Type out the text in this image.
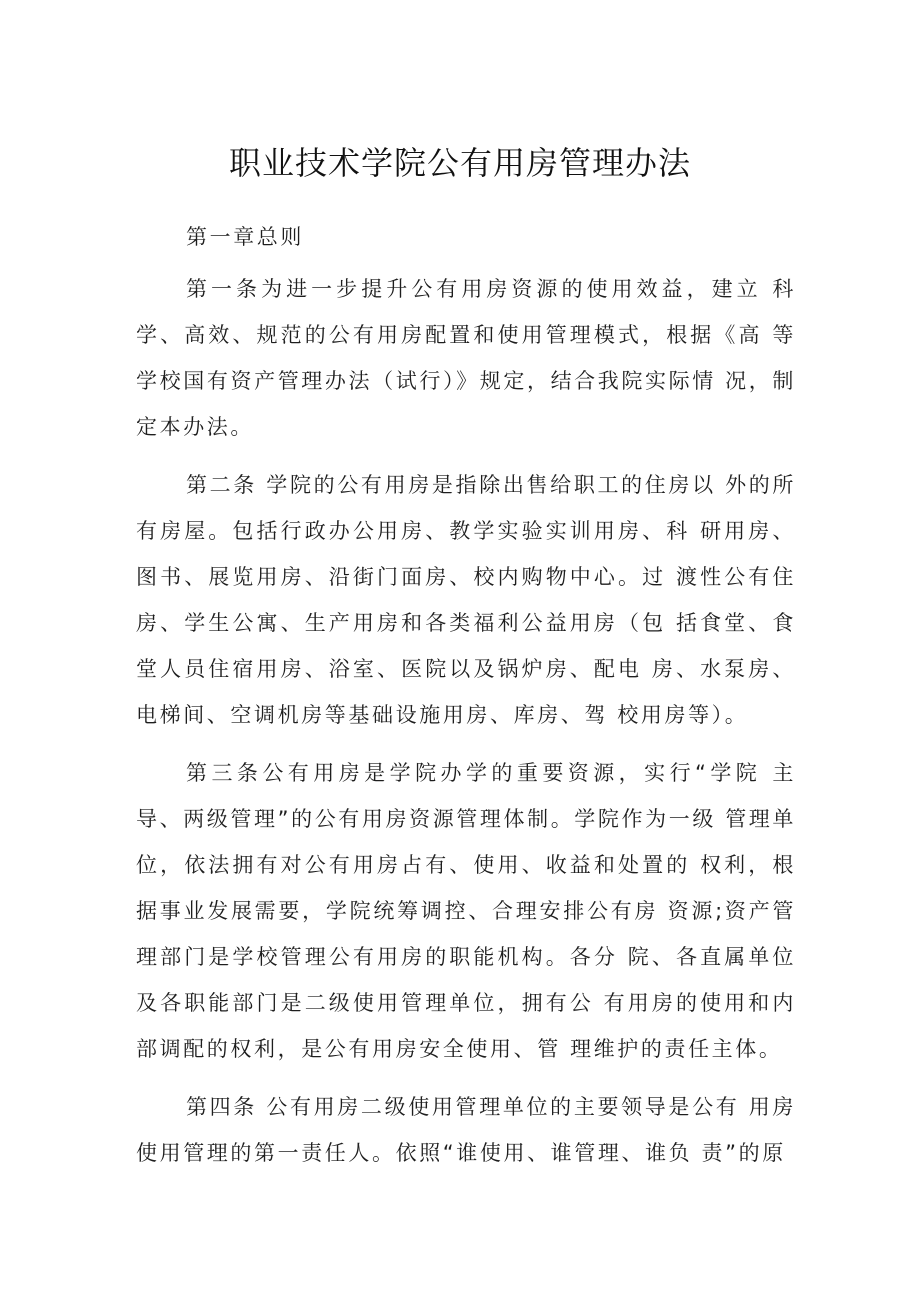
职业技术学院公有用房管理办法

第一章总则

第一条为进一步提升公有用房资源的使用效益，建立 科学、高效、规范的公有用房配置和使用管理模式，根据《高 等学校国有资产管理办法（试行）》规定，结合我院实际情 况，制定本办法。

第二条 学院的公有用房是指除出售给职工的住房以 外的所有房屋。包括行政办公用房、教学实验实训用房、科 研用房、图书、展览用房、沿街门面房、校内购物中心。过 渡性公有住房、学生公寓、生产用房和各类福利公益用房（包 括食堂、食堂人员住宿用房、浴室、医院以及锅炉房、配电 房、水泵房、电梯间、空调机房等基础设施用房、库房、驾 校用房等）。

第三条公有用房是学院办学的重要资源，实行“学院 主导、两级管理”的公有用房资源管理体制。学院作为一级 管理单位，依法拥有对公有用房占有、使用、收益和处置的 权利，根据事业发展需要，学院统筹调控、合理安排公有房 资源;资产管理部门是学校管理公有用房的职能机构。各分 院、各直属单位及各职能部门是二级使用管理单位，拥有公 有用房的使用和内部调配的权利，是公有用房安全使用、管 理维护的责任主体。

第四条 公有用房二级使用管理单位的主要领导是公有 用房使用管理的第一责任人。依照“谁使用、谁管理、谁负 责”的原
